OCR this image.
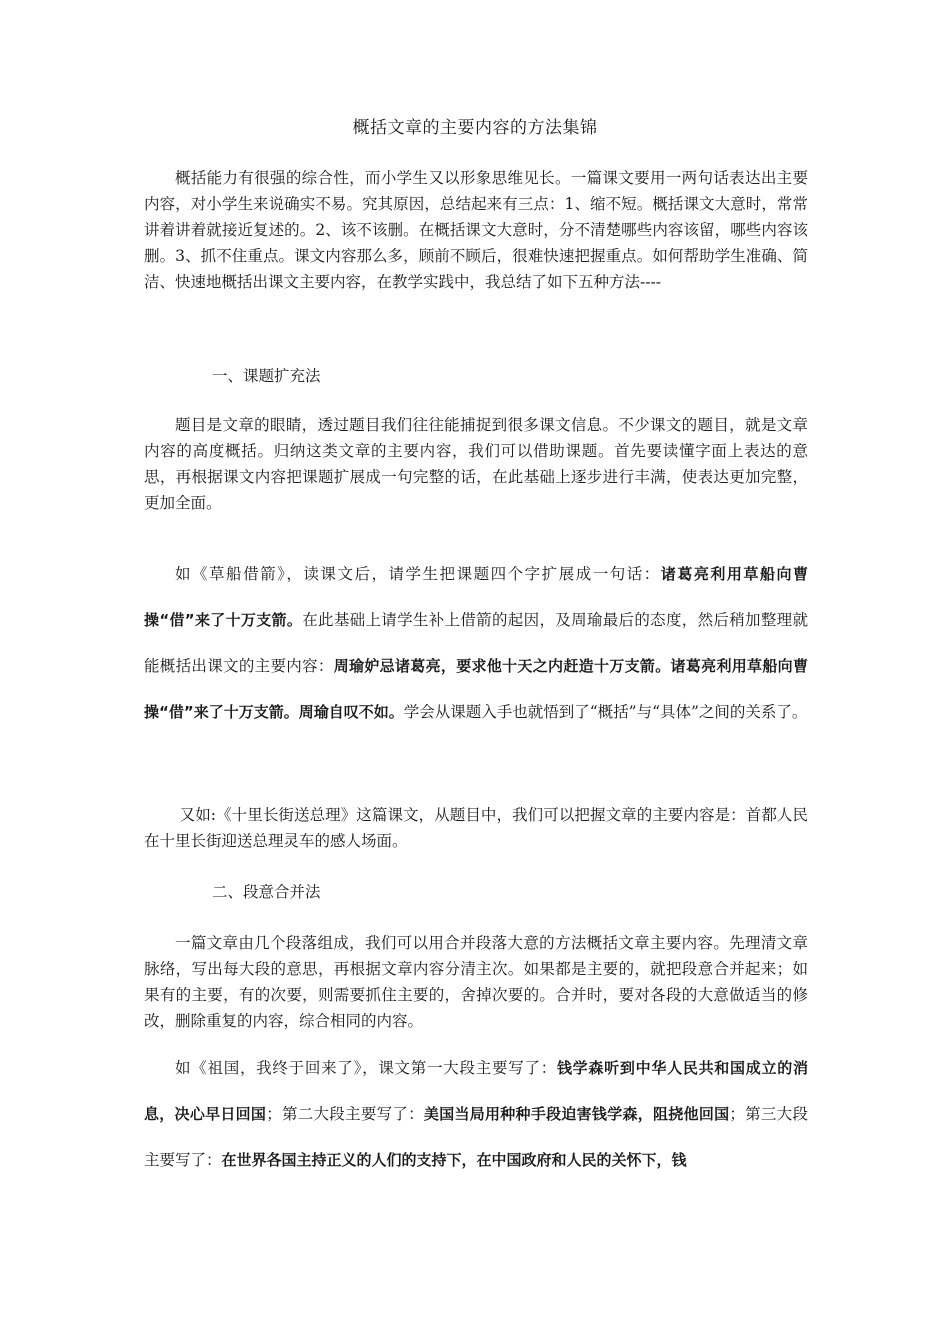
概括文章的主要内容的方法集锦

概括能力有很强的综合性，而小学生又以形象思维见长。一篇课文要用一两句话表达出主要内容，对小学生来说确实不易。究其原因，总结起来有三点：1、缩不短。概括课文大意时，常常讲着讲着就接近复述的。2、该不该删。在概括课文大意时，分不清楚哪些内容该留，哪些内容该删。3、抓不住重点。课文内容那么多，顾前不顾后，很难快速把握重点。如何帮助学生准确、简洁、快速地概括出课文主要内容，在教学实践中，我总结了如下五种方法----

一、课题扩充法

题目是文章的眼睛，透过题目我们往往能捕捉到很多课文信息。不少课文的题目，就是文章内容的高度概括。归纳这类文章的主要内容，我们可以借助课题。首先要读懂字面上表达的意思，再根据课文内容把课题扩展成一句完整的话，在此基础上逐步进行丰满，使表达更加完整，更加全面。

如《草船借箭》，读课文后，请学生把课题四个字扩展成一句话：诸葛亮利用草船向曹操“借”来了十万支箭。在此基础上请学生补上借箭的起因，及周瑜最后的态度，然后稍加整理就能概括出课文的主要内容：周瑜妒忌诸葛亮，要求他十天之内赶造十万支箭。诸葛亮利用草船向曹操“借”来了十万支箭。周瑜自叹不如。学会从课题入手也就悟到了“概括”与“具体”之间的关系了。

又如:《十里长街送总理》这篇课文，从题目中，我们可以把握文章的主要内容是：首都人民在十里长街迎送总理灵车的感人场面。

二、段意合并法

一篇文章由几个段落组成，我们可以用合并段落大意的方法概括文章主要内容。先理清文章脉络，写出每大段的意思，再根据文章内容分清主次。如果都是主要的，就把段意合并起来；如果有的主要，有的次要，则需要抓住主要的，舍掉次要的。合并时，要对各段的大意做适当的修改，删除重复的内容，综合相同的内容。

如《祖国，我终于回来了》，课文第一大段主要写了：钱学森听到中华人民共和国成立的消息，决心早日回国；第二大段主要写了：美国当局用种种手段迫害钱学森，阻挠他回国；第三大段主要写了：在世界各国主持正义的人们的支持下，在中国政府和人民的关怀下，钱
